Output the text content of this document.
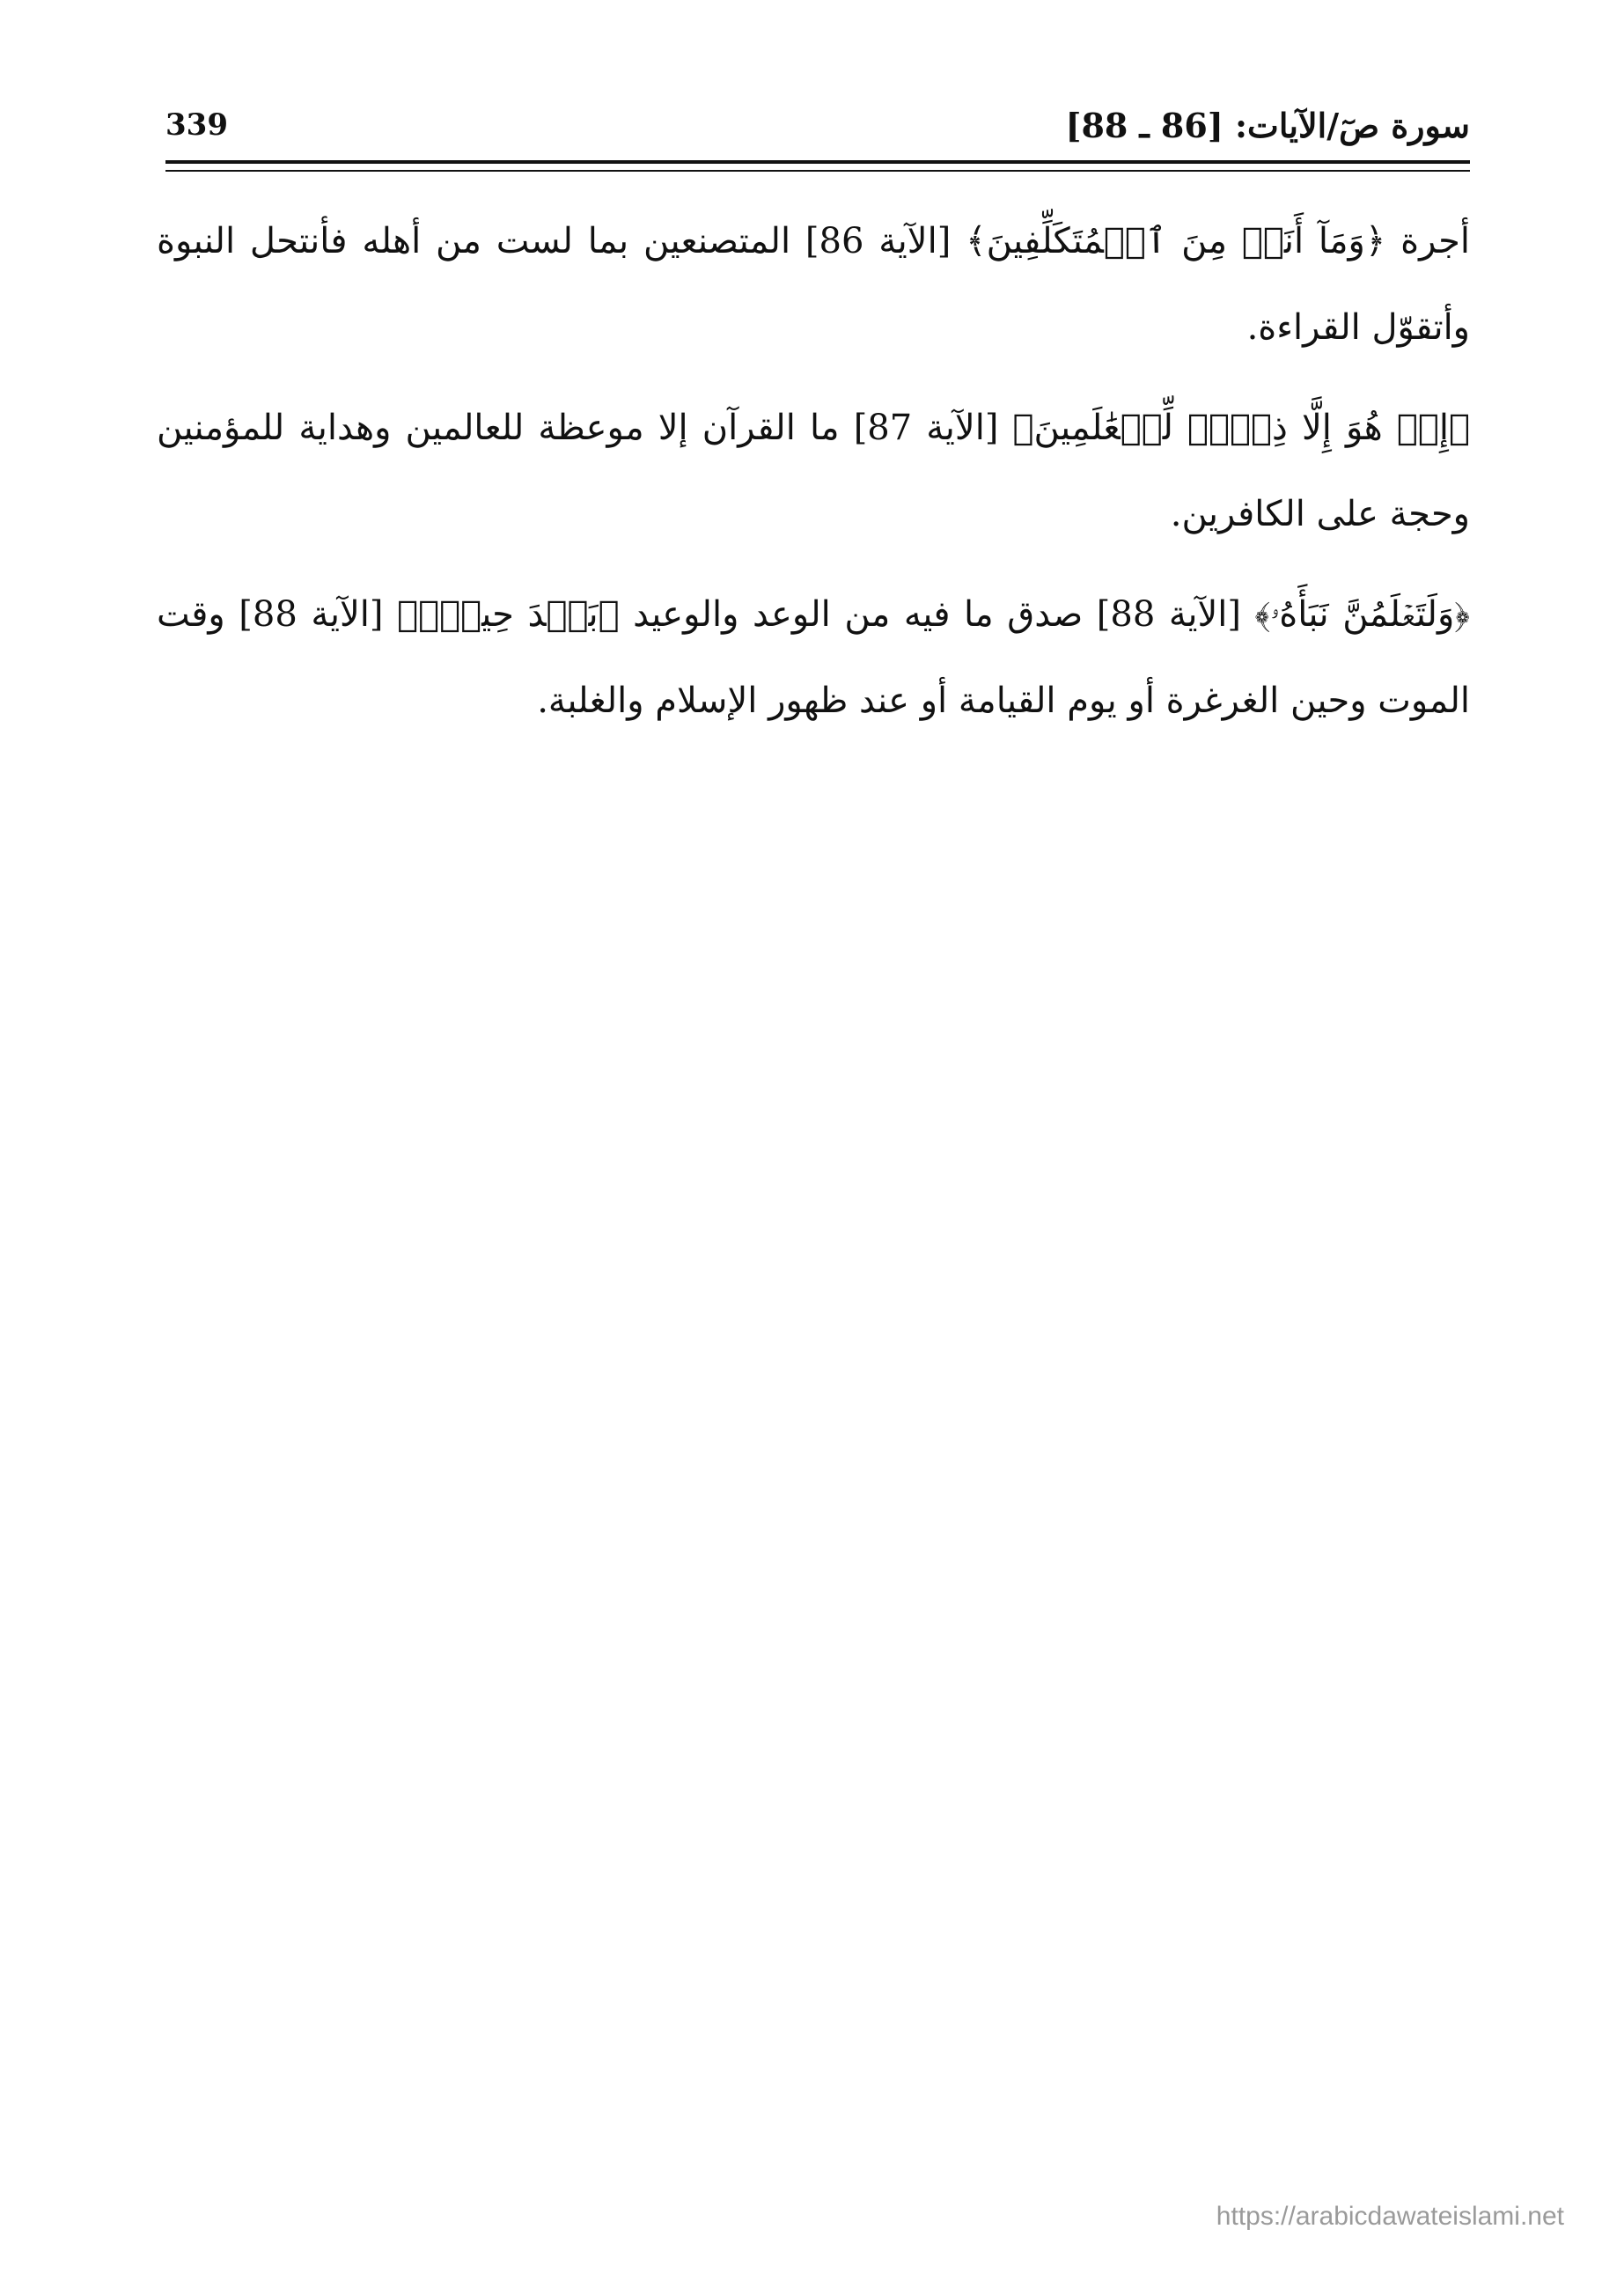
سورة صٓ/الآيات: [86 ـ 88]
339

أجرة ﴿وَمَآ أَنَا۠ مِنَ ٱلۡمُتَكَلِّفِينَ﴾ [الآية 86] المتصنعين بما لست من أهله فأنتحل النبوة وأتقوّل القراءة.

﴿إِنۡ هُوَ إِلَّا ذِكۡرٞ لِّلۡعَٰلَمِينَ﴾ [الآية 87] ما القرآن إلا موعظة للعالمين وهداية للمؤمنين وحجة على الكافرين.

﴿وَلَتَعۡلَمُنَّ نَبَأَهُۥ﴾ [الآية 88] صدق ما فيه من الوعد والوعيد ﴿بَعۡدَ حِينِۭ﴾ [الآية 88] وقت الموت وحين الغرغرة أو يوم القيامة أو عند ظهور الإسلام والغلبة.

https://arabicdawateislami.net
